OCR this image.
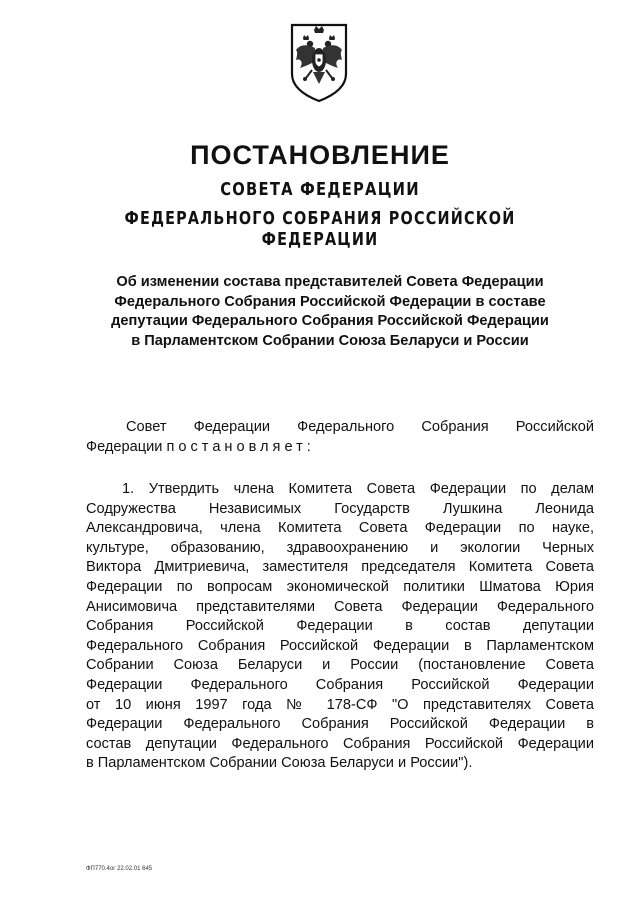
ПОСТАНОВЛЕНИЕ
СОВЕТА ФЕДЕРАЦИИ
ФЕДЕРАЛЬНОГО СОБРАНИЯ РОССИЙСКОЙ ФЕДЕРАЦИИ
Об изменении состава представителей Совета Федерации
Федерального Собрания Российской Федерации в составе
депутации Федерального Собрания Российской Федерации
в Парламентском Собрании Союза Беларуси и России
Совет Федерации Федерального Собрания Российской
Федерации постановляет:
1. Утвердить члена Комитета Совета Федерации по делам
Содружества Независимых Государств Лушкина Леонида
Александровича, члена Комитета Совета Федерации по науке,
культуре, образованию, здравоохранению и экологии Черных
Виктора Дмитриевича, заместителя председателя Комитета Совета
Федерации по вопросам экономической политики Шматова Юрия
Анисимовича представителями Совета Федерации Федерального
Собрания Российской Федерации в состав депутации
Федерального Собрания Российской Федерации в Парламентском
Собрании Союза Беларуси и России (постановление Совета
Федерации Федерального Собрания Российской Федерации
от 10 июня 1997 года № 178-СФ "О представителях Совета
Федерации Федерального Собрания Российской Федерации в
состав депутации Федерального Собрания Российской Федерации
в Парламентском Собрании Союза Беларуси и России").
ФП770.4ог 22.02.01 645
